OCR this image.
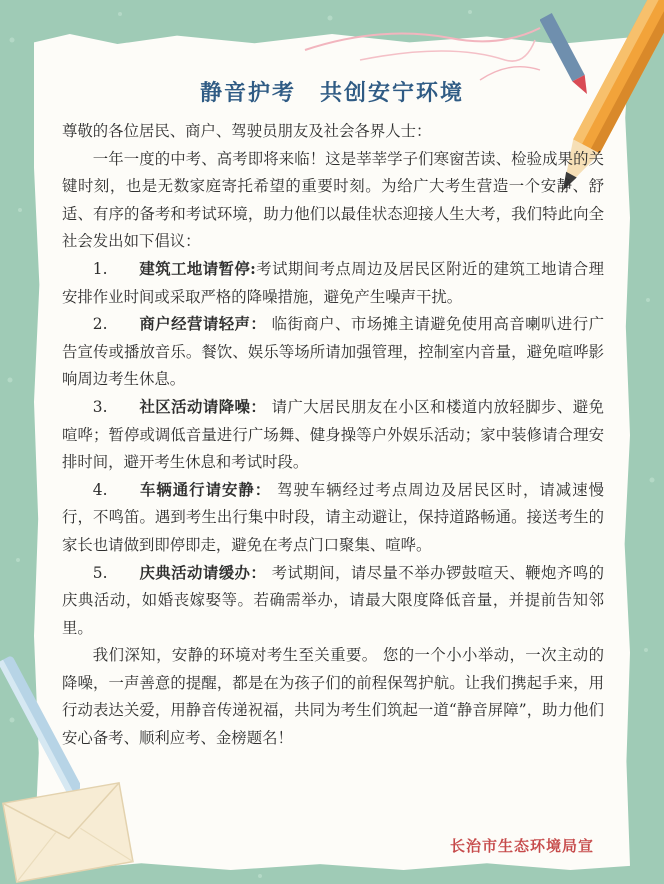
静音护考　共创安宁环境

尊敬的各位居民、商户、驾驶员朋友及社会各界人士：

一年一度的中考、高考即将来临！这是莘莘学子们寒窗苦读、检验成果的关键时刻，也是无数家庭寄托希望的重要时刻。为给广大考生营造一个安静、舒适、有序的备考和考试环境，助力他们以最佳状态迎接人生大考，我们特此向全社会发出如下倡议：

1. 建筑工地请暂停:考试期间考点周边及居民区附近的建筑工地请合理安排作业时间或采取严格的降噪措施，避免产生噪声干扰。

2. 商户经营请轻声： 临街商户、市场摊主请避免使用高音喇叭进行广告宣传或播放音乐。餐饮、娱乐等场所请加强管理，控制室内音量，避免喧哗影响周边考生休息。

3. 社区活动请降噪： 请广大居民朋友在小区和楼道内放轻脚步、避免喧哗；暂停或调低音量进行广场舞、健身操等户外娱乐活动；家中装修请合理安排时间，避开考生休息和考试时段。

4. 车辆通行请安静： 驾驶车辆经过考点周边及居民区时，请减速慢行，不鸣笛。遇到考生出行集中时段，请主动避让，保持道路畅通。接送考生的家长也请做到即停即走，避免在考点门口聚集、喧哗。

5. 庆典活动请缓办： 考试期间，请尽量不举办锣鼓喧天、鞭炮齐鸣的庆典活动，如婚丧嫁娶等。若确需举办，请最大限度降低音量，并提前告知邻里。

我们深知，安静的环境对考生至关重要。 您的一个小小举动，一次主动的降噪，一声善意的提醒，都是在为孩子们的前程保驾护航。让我们携起手来，用行动表达关爱，用静音传递祝福，共同为考生们筑起一道“静音屏障”，助力他们安心备考、顺利应考、金榜题名！

长治市生态环境局宣
